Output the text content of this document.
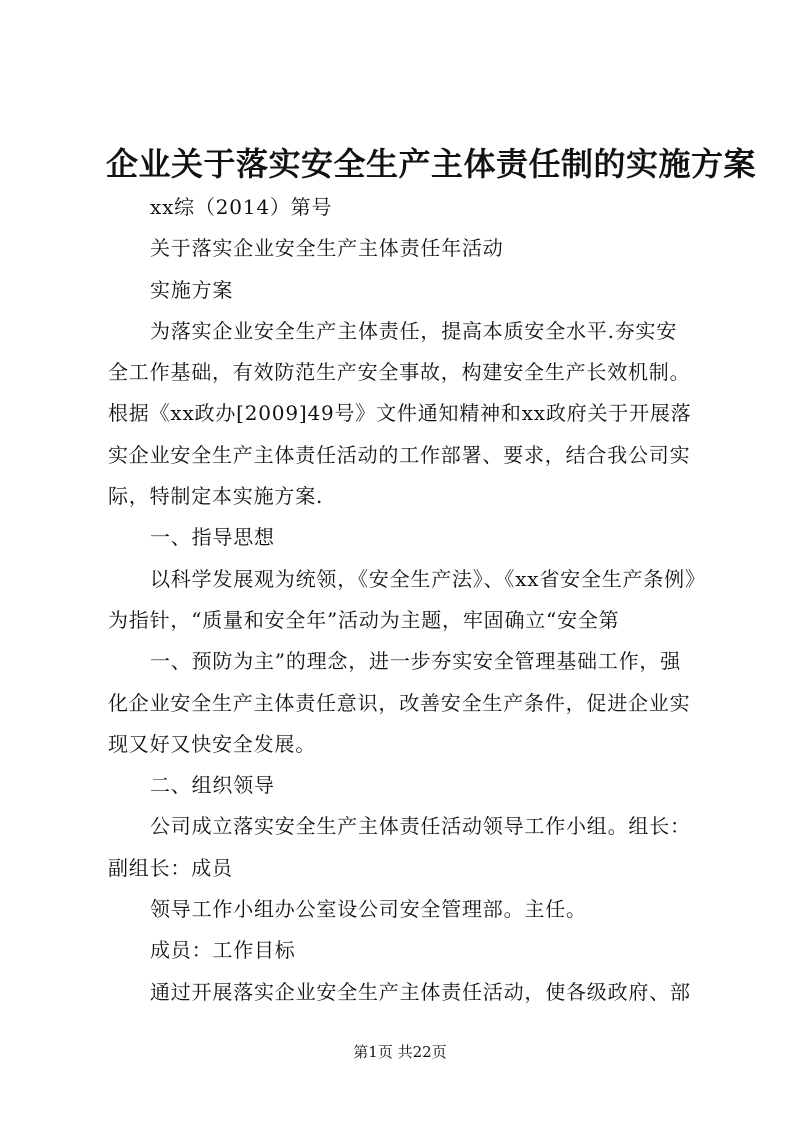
企业关于落实安全生产主体责任制的实施方案

xx综（2014）第号

关于落实企业安全生产主体责任年活动

实施方案

为落实企业安全生产主体责任，提高本质安全水平.夯实安

全工作基础，有效防范生产安全事故，构建安全生产长效机制。

根据《xx政办[2009]49号》文件通知精神和xx政府关于开展落

实企业安全生产主体责任活动的工作部署、要求，结合我公司实

际，特制定本实施方案.

一、指导思想

以科学发展观为统领，《安全生产法》、《xx省安全生产条例》

为指针，“质量和安全年”活动为主题，牢固确立“安全第

一、预防为主”的理念，进一步夯实安全管理基础工作，强

化企业安全生产主体责任意识，改善安全生产条件，促进企业实

现又好又快安全发展。

二、组织领导

公司成立落实安全生产主体责任活动领导工作小组。组长：

副组长：成员

领导工作小组办公室设公司安全管理部。主任。

成员：工作目标

通过开展落实企业安全生产主体责任活动，使各级政府、部

第1页 共22页
